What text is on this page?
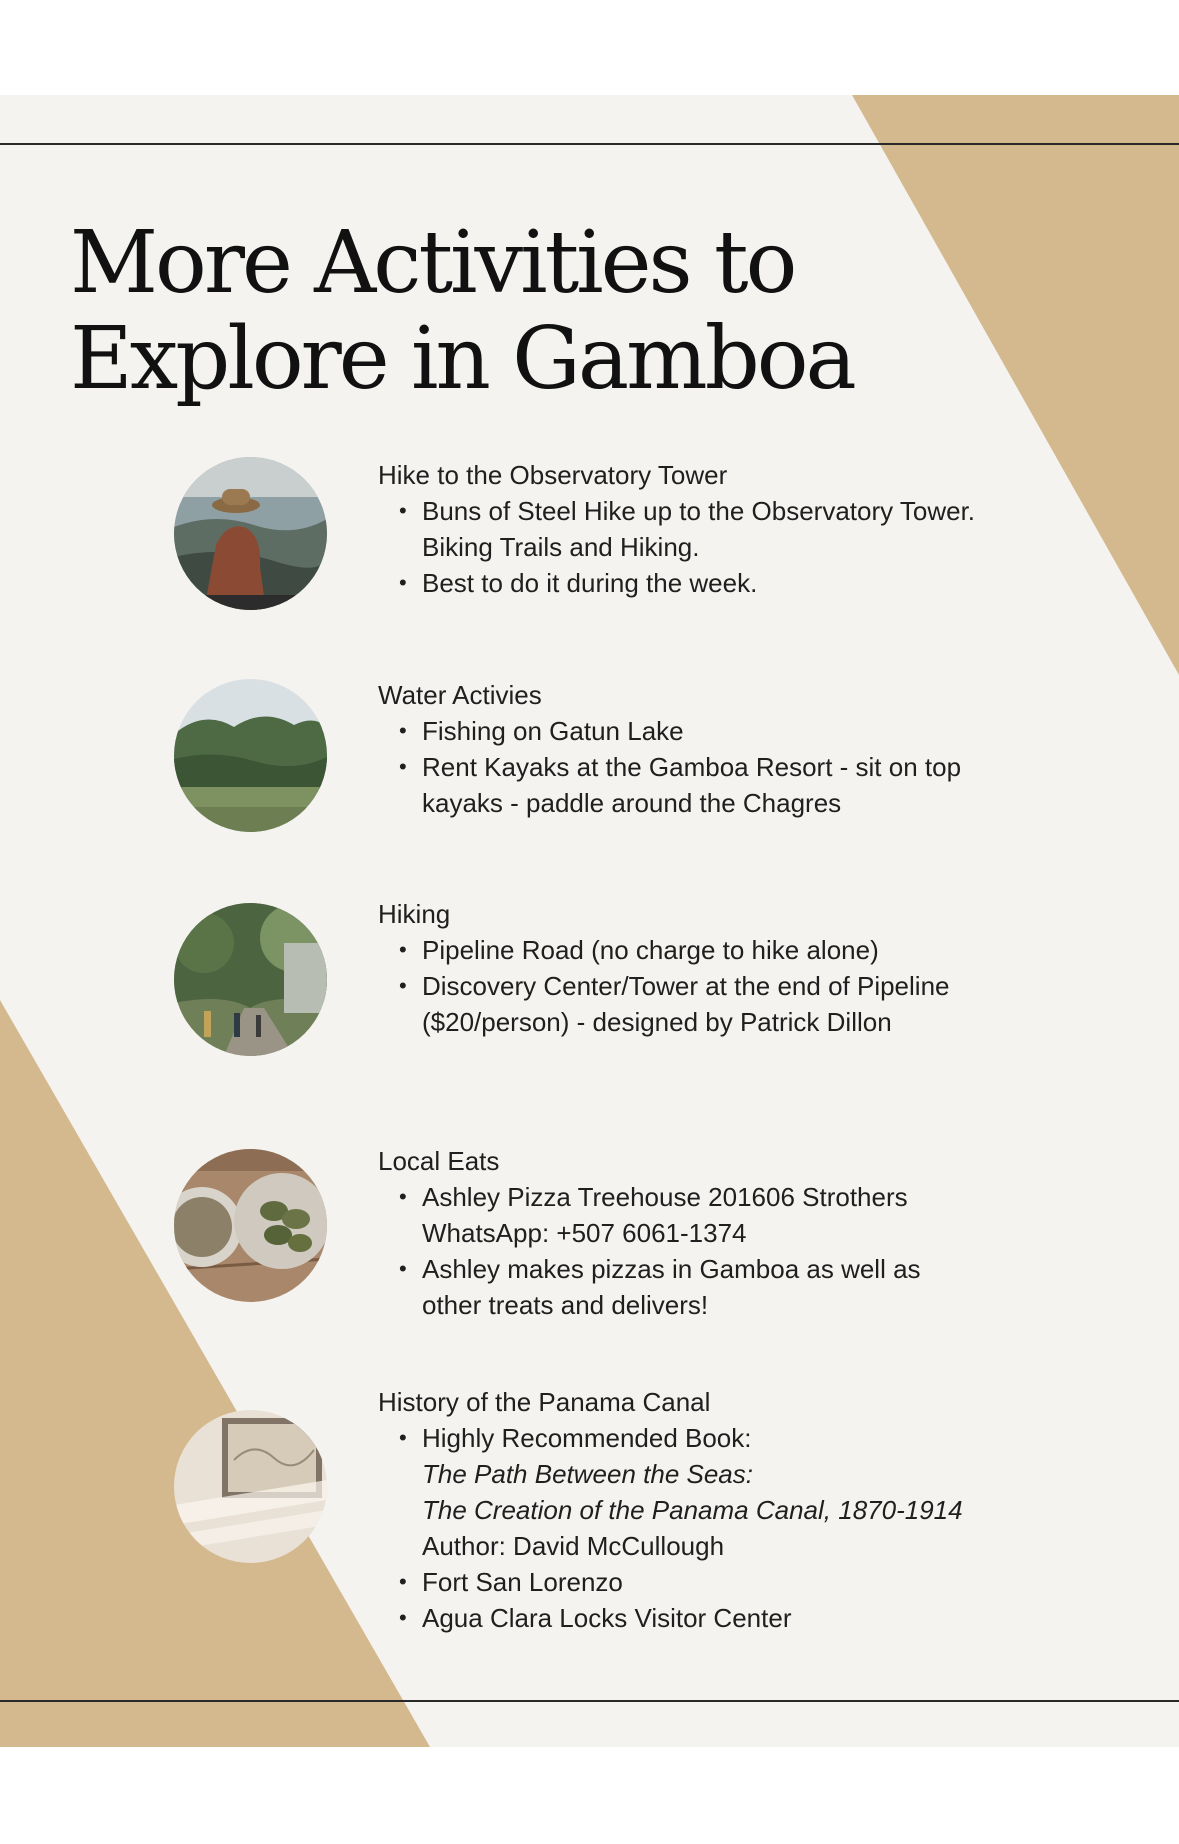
More Activities to
Explore in Gamboa

Hike to the Observatory Tower

• Buns of Steel Hike up to the Observatory Tower.
Biking Trails and Hiking.
• Best to do it during the week.

Water Activies

• Fishing on Gatun Lake
• Rent Kayaks at the Gamboa Resort - sit on top
kayaks - paddle around the Chagres

Hiking

• Pipeline Road (no charge to hike alone)
• Discovery Center/Tower at the end of Pipeline
($20/person) - designed by Patrick Dillon

Local Eats

• Ashley Pizza Treehouse 201606 Strothers
WhatsApp: +507 6061-1374
• Ashley makes pizzas in Gamboa as well as
other treats and delivers!

History of the Panama Canal

• Highly Recommended Book:
The Path Between the Seas:
The Creation of the Panama Canal, 1870-1914
Author: David McCullough
• Fort San Lorenzo
• Agua Clara Locks Visitor Center
